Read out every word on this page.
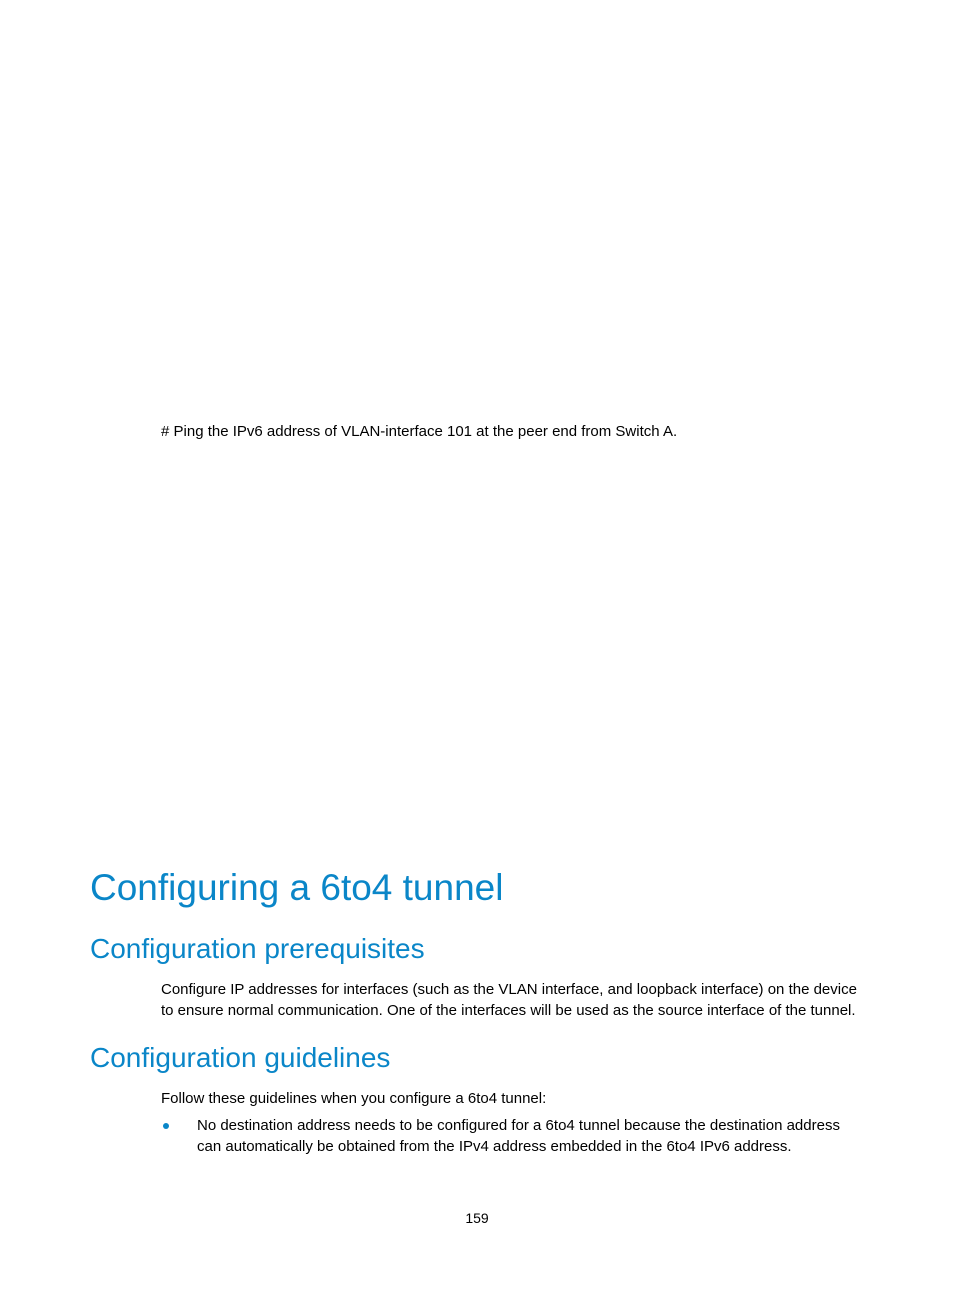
# Ping the IPv6 address of VLAN-interface 101 at the peer end from Switch A.

Configuring a 6to4 tunnel
Configuration prerequisites

Configure IP addresses for interfaces (such as the VLAN interface, and loopback interface) on the device to ensure normal communication. One of the interfaces will be used as the source interface of the tunnel.

Configuration guidelines

Follow these guidelines when you configure a 6to4 tunnel:

No destination address needs to be configured for a 6to4 tunnel because the destination address can automatically be obtained from the IPv4 address embedded in the 6to4 IPv6 address.

159
